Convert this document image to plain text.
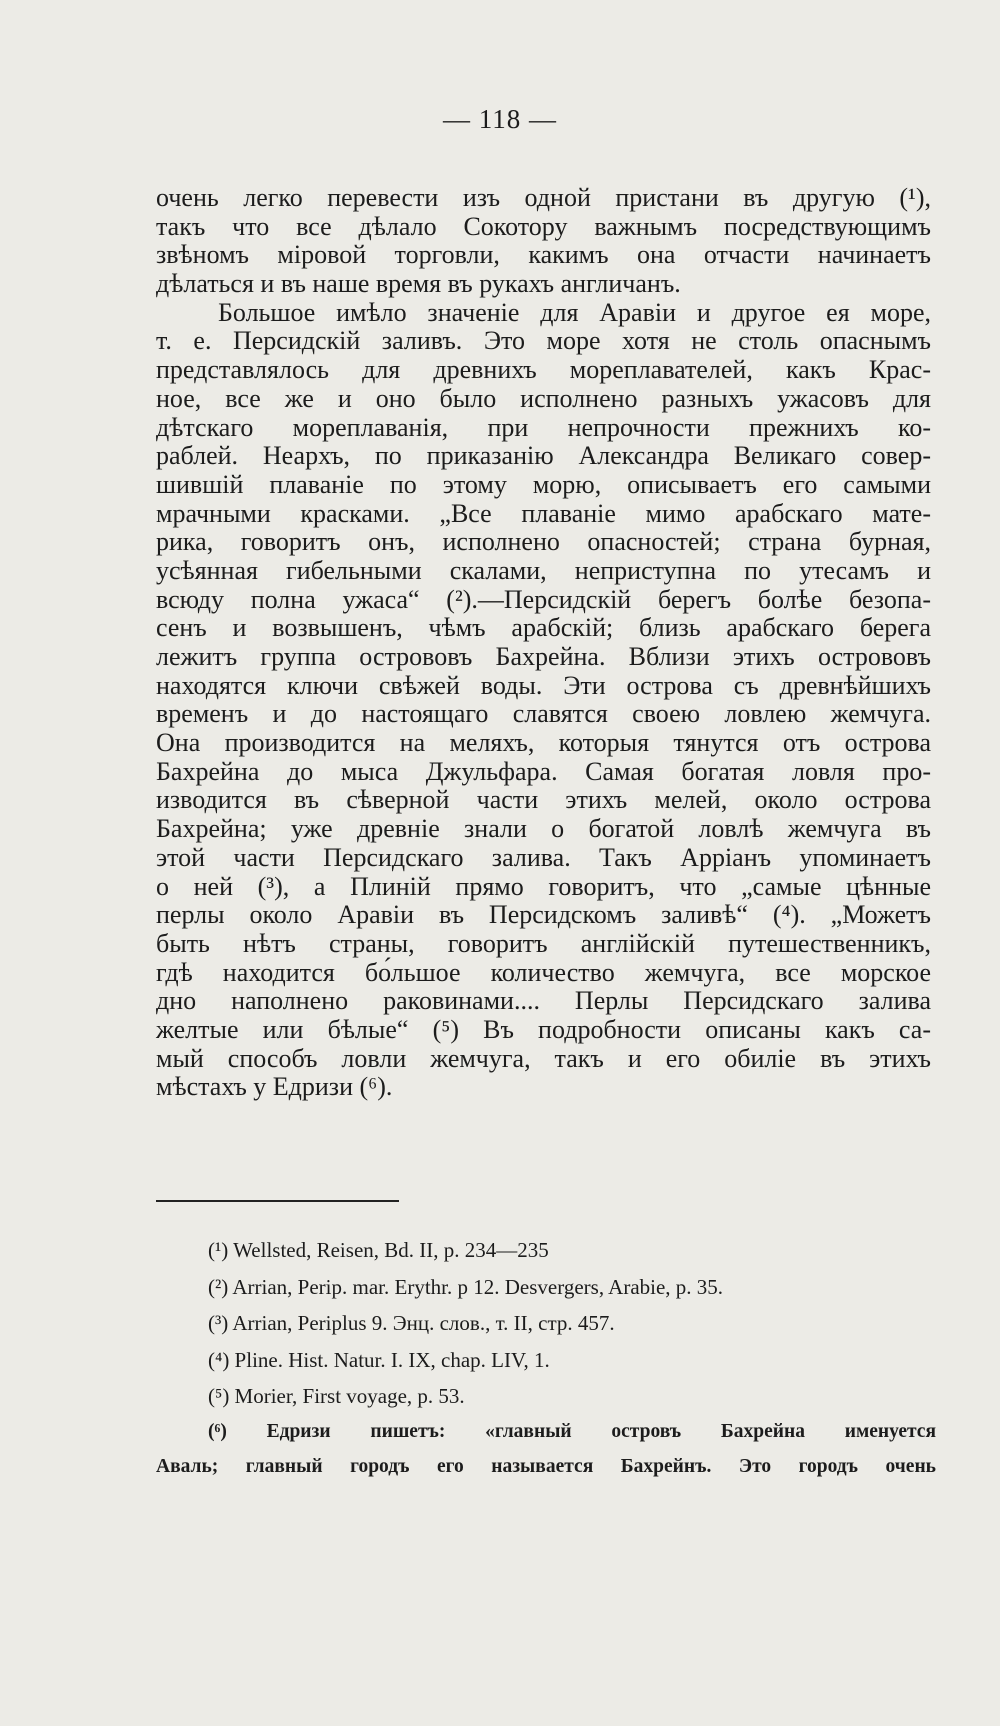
— 118 —
очень легко перевести изъ одной пристани въ другую (¹),
такъ что все дѣлало Сокотору важнымъ посредствующимъ
звѣномъ міровой торговли, какимъ она отчасти начинаетъ
дѣлаться и въ наше время въ рукахъ англичанъ.
Большое имѣло значеніе для Аравіи и другое ея море,
т. е. Персидскій заливъ. Это море хотя не столь опаснымъ
представлялось для древнихъ мореплавателей, какъ Крас-
ное, все же и оно было исполнено разныхъ ужасовъ для
дѣтскаго мореплаванія, при непрочности прежнихъ ко-
раблей. Неархъ, по приказанію Александра Великаго совер-
шившій плаваніе по этому морю, описываетъ его самыми
мрачными красками. „Все плаваніе мимо арабскаго мате-
рика, говоритъ онъ, исполнено опасностей; страна бурная,
усѣянная гибельными скалами, неприступна по утесамъ и
всюду полна ужаса“ (²).—Персидскій берегъ болѣе безопа-
сенъ и возвышенъ, чѣмъ арабскій; близь арабскаго берега
лежитъ группа острововъ Бахрейна. Вблизи этихъ острововъ
находятся ключи свѣжей воды. Эти острова съ древнѣйшихъ
временъ и до настоящаго славятся своею ловлею жемчуга.
Она производится на меляхъ, которыя тянутся отъ острова
Бахрейна до мыса Джульфара. Самая богатая ловля про-
изводится въ сѣверной части этихъ мелей, около острова
Бахрейна; уже древніе знали о богатой ловлѣ жемчуга въ
этой части Персидскаго залива. Такъ Арріанъ упоминаетъ
о ней (³), а Плиній прямо говоритъ, что „самые цѣнные
перлы около Аравіи въ Персидскомъ заливѣ“ (⁴). „Можетъ
быть нѣтъ страны, говоритъ англійскій путешественникъ,
гдѣ находится бо́льшое количество жемчуга, все морское
дно наполнено раковинами.... Перлы Персидскаго залива
желтые или бѣлые“ (⁵) Въ подробности описаны какъ са-
мый способъ ловли жемчуга, такъ и его обиліе въ этихъ
мѣстахъ у Едризи (⁶).
(¹) Wellsted, Reisen, Bd. II, p. 234—235
(²) Arrian, Perip. mar. Erythr. p 12. Desvergers, Arabie, p. 35.
(³) Arrian, Periplus 9. Энц. слов., т. II, стр. 457.
(⁴) Pline. Hist. Natur. I. IX, chap. LIV, 1.
(⁵) Morier, First voyage, p. 53.
(⁶) Едризи пишетъ: «главный островъ Бахрейна именуется
Аваль; главный городъ его называется Бахрейнъ. Это городъ очень
